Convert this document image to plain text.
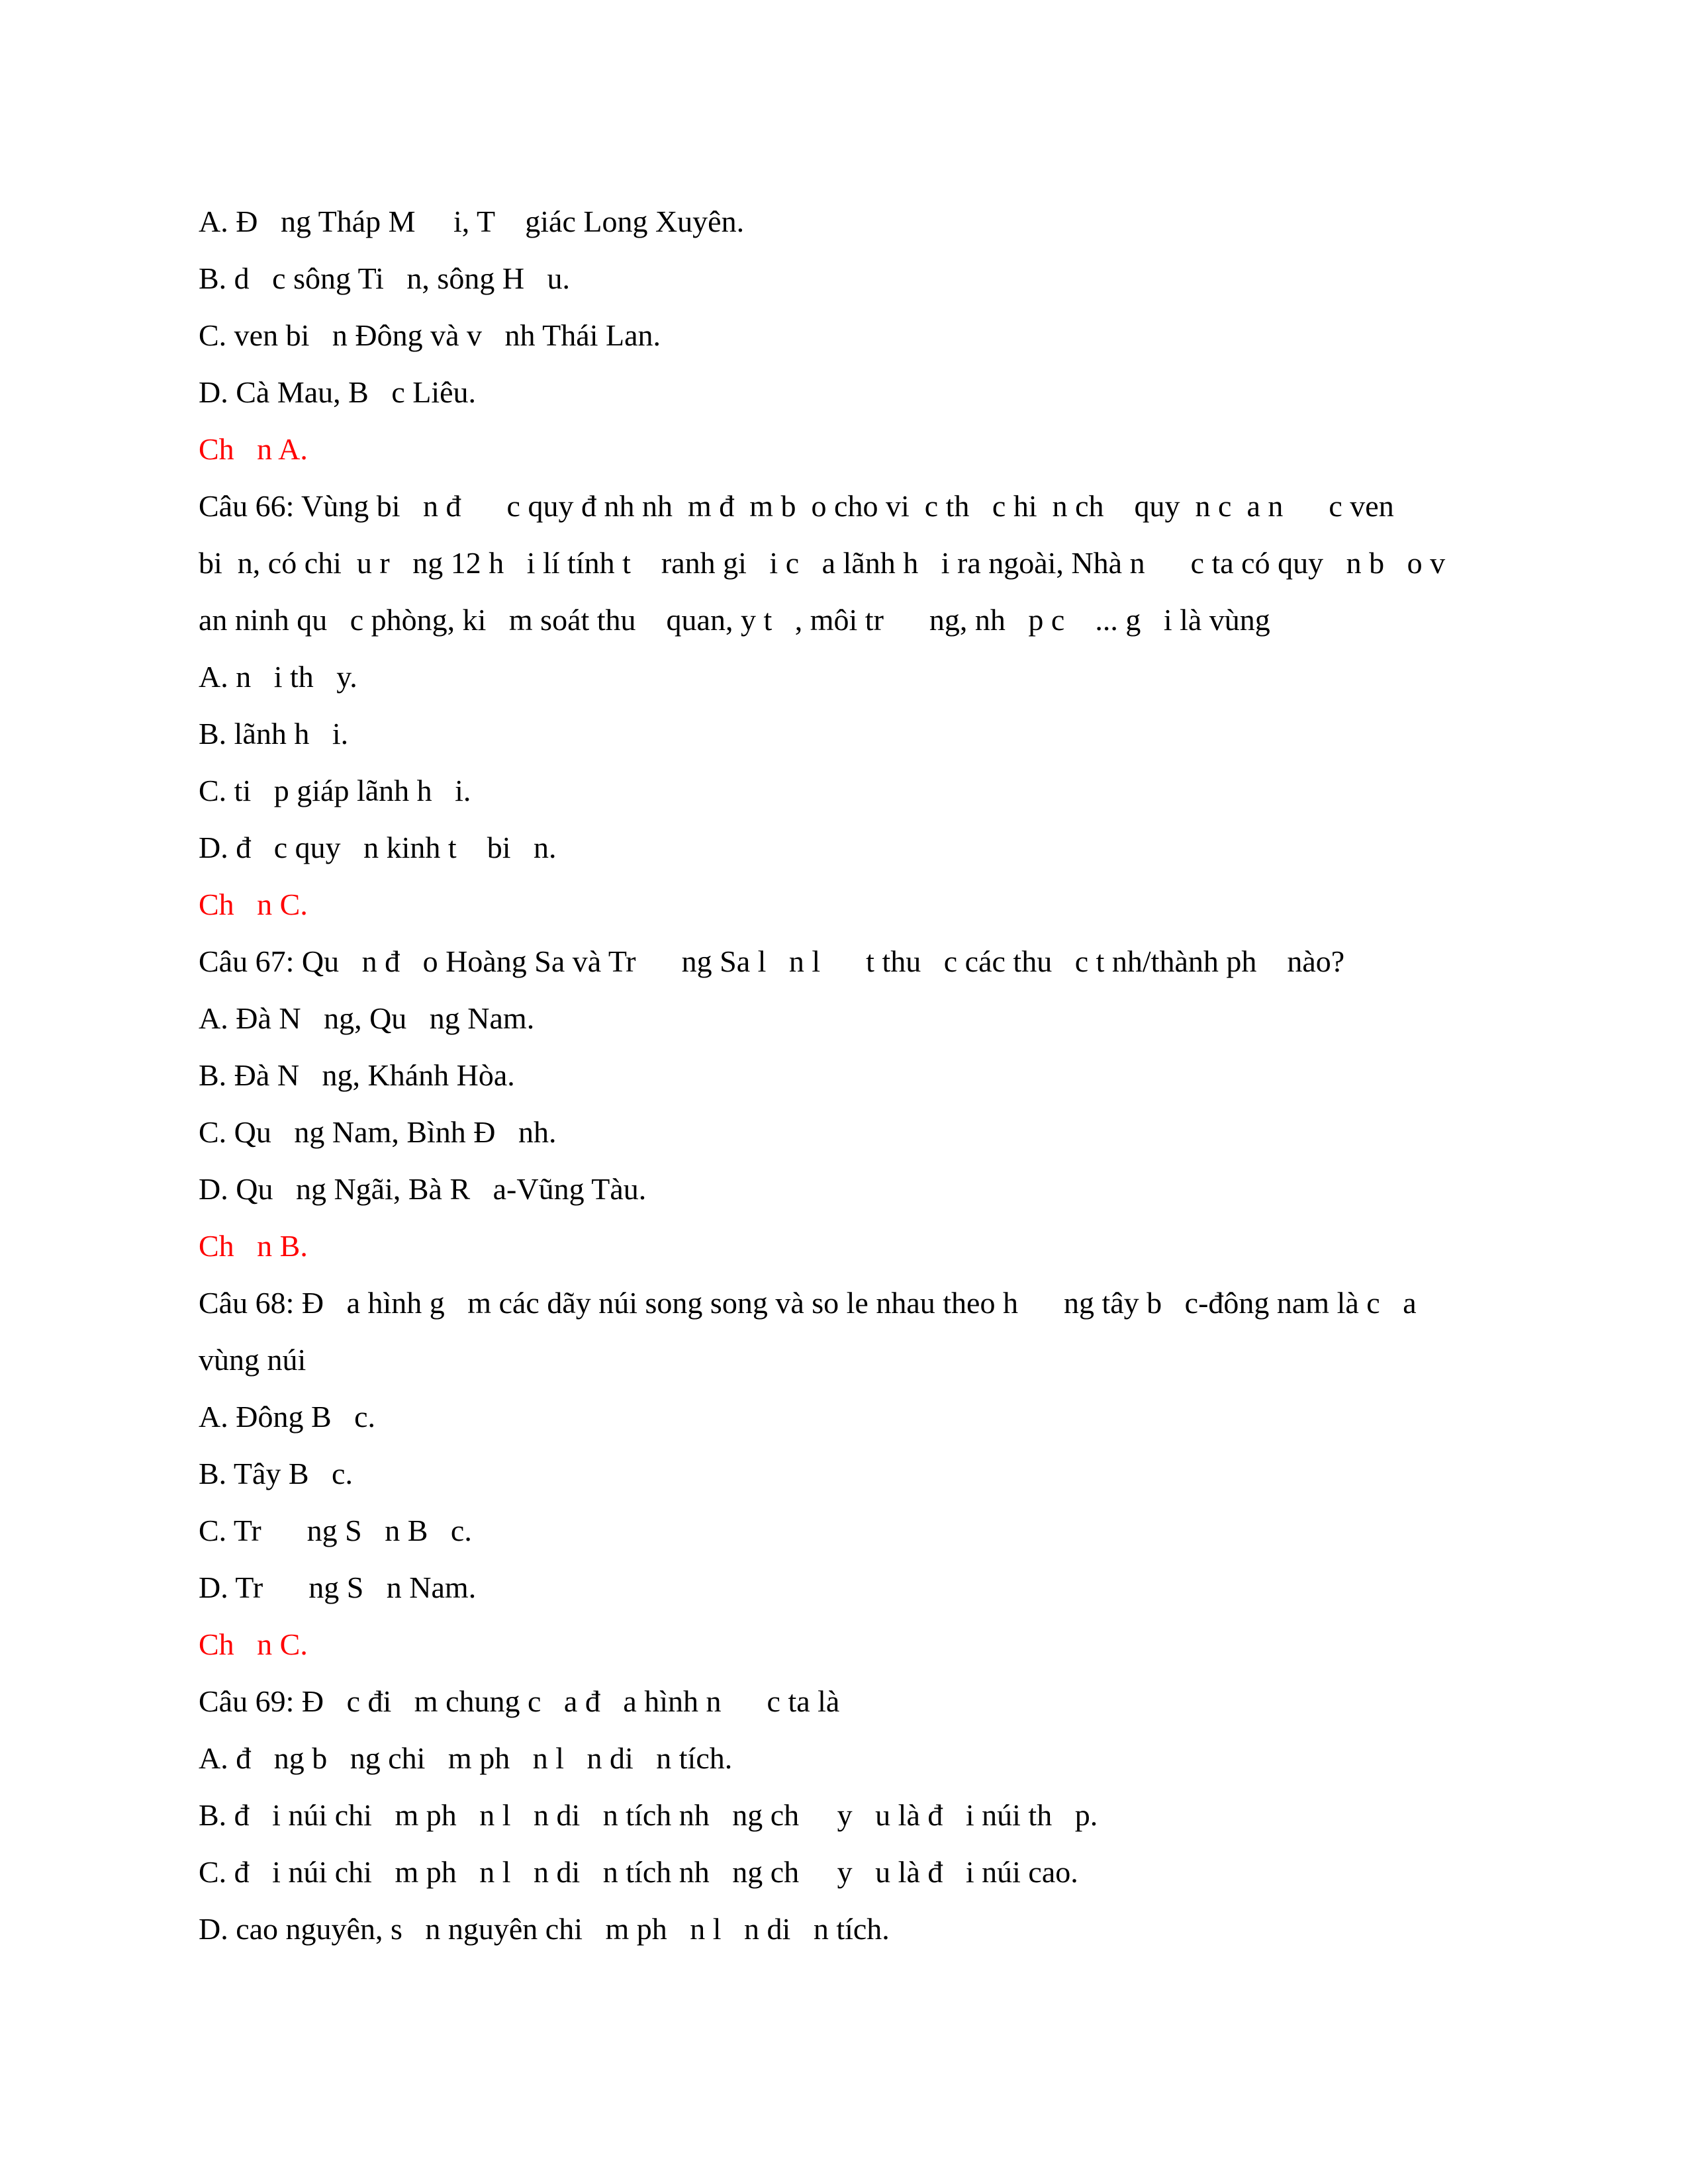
A. Đ   ng Tháp M     i, T    giác Long Xuyên.

B. d   c sông Ti   n, sông H   u.

C. ven bi   n Đông và v   nh Thái Lan.

D. Cà Mau, B   c Liêu.

Ch   n A.

Câu 66: Vùng bi   n đ      c quy đ nh nh  m đ  m b  o cho vi  c th   c hi  n ch    quy  n c  a n      c ven

bi  n, có chi  u r   ng 12 h   i lí tính t    ranh gi   i c   a lãnh h   i ra ngoài, Nhà n      c ta có quy   n b   o v

an ninh qu   c phòng, ki   m soát thu    quan, y t   , môi tr      ng, nh   p c    ... g   i là vùng

A. n   i th   y.

B. lãnh h   i.

C. ti   p giáp lãnh h   i.

D. đ   c quy   n kinh t    bi   n.

Ch   n C.

Câu 67: Qu   n đ   o Hoàng Sa và Tr      ng Sa l   n l      t thu   c các thu   c t nh/thành ph    nào?

A. Đà N   ng, Qu   ng Nam.

B. Đà N   ng, Khánh Hòa.

C. Qu   ng Nam, Bình Đ   nh.

D. Qu   ng Ngãi, Bà R   a-Vũng Tàu.

Ch   n B.

Câu 68: Đ   a hình g   m các dãy núi song song và so le nhau theo h      ng tây b   c-đông nam là c   a

vùng núi

A. Đông B   c.

B. Tây B   c.

C. Tr      ng S   n B   c.

D. Tr      ng S   n Nam.

Ch   n C.

Câu 69: Đ   c đi   m chung c   a đ   a hình n      c ta là

A. đ   ng b   ng chi   m ph   n l   n di   n tích.

B. đ   i núi chi   m ph   n l   n di   n tích nh   ng ch     y   u là đ   i núi th   p.

C. đ   i núi chi   m ph   n l   n di   n tích nh   ng ch     y   u là đ   i núi cao.

D. cao nguyên, s   n nguyên chi   m ph   n l   n di   n tích.
